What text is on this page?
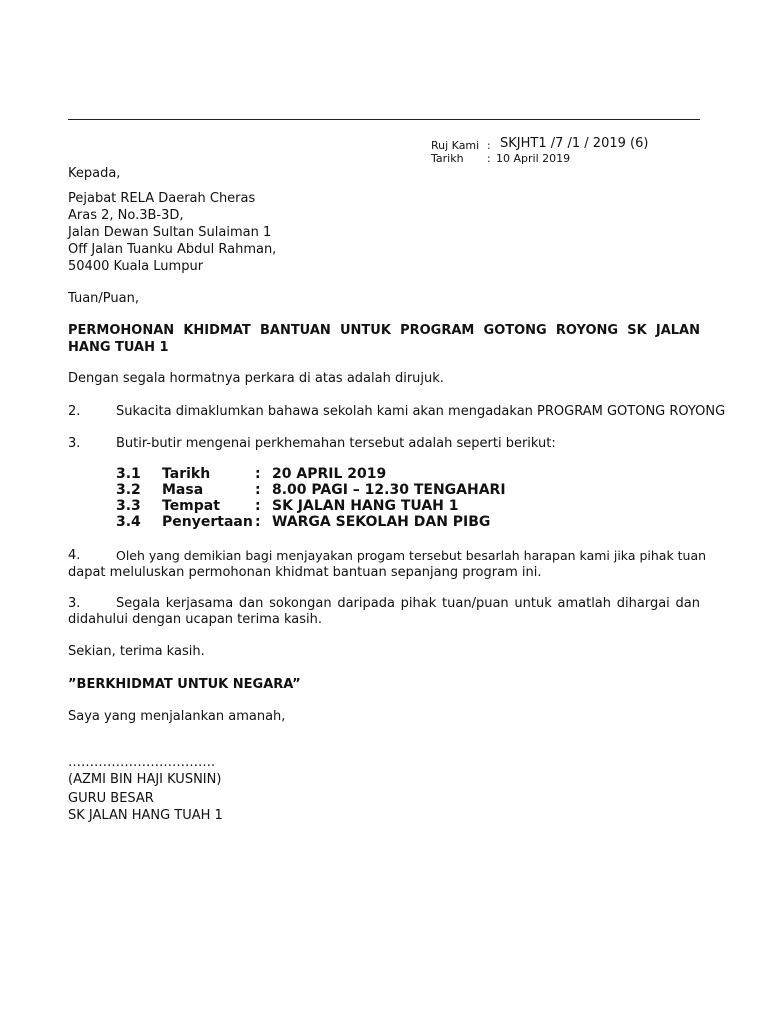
Ruj Kami : SKJHT1 /7 /1 / 2019 (6)
Tarikh : 10 April 2019
Kepada,
Pejabat RELA Daerah Cheras
Aras 2, No.3B-3D,
Jalan Dewan Sultan Sulaiman 1
Off Jalan Tuanku Abdul Rahman,
50400 Kuala Lumpur
Tuan/Puan,
PERMOHONAN KHIDMAT BANTUAN UNTUK PROGRAM GOTONG ROYONG SK JALAN
HANG TUAH 1
Dengan segala hormatnya perkara di atas adalah dirujuk.
2.	Sukacita dimaklumkan bahawa sekolah kami akan mengadakan PROGRAM GOTONG ROYONG
3.	Butir-butir mengenai perkhemahan tersebut adalah seperti berikut:
3.1 Tarikh	: 20 APRIL 2019
3.2 Masa	: 8.00 PAGI – 12.30 TENGAHARI
3.3 Tempat	: SK JALAN HANG TUAH 1
3.4 Penyertaan : WARGA SEKOLAH DAN PIBG
4.	Oleh yang demikian bagi menjayakan progam tersebut besarlah harapan kami jika pihak tuan
dapat meluluskan permohonan khidmat bantuan sepanjang program ini.
3.	Segala kerjasama dan sokongan daripada pihak tuan/puan untuk amatlah dihargai dan
didahului dengan ucapan terima kasih.
Sekian, terima kasih.
”BERKHIDMAT UNTUK NEGARA”
Saya yang menjalankan amanah,
…………………………….
(AZMI BIN HAJI KUSNIN)
GURU BESAR
SK JALAN HANG TUAH 1
